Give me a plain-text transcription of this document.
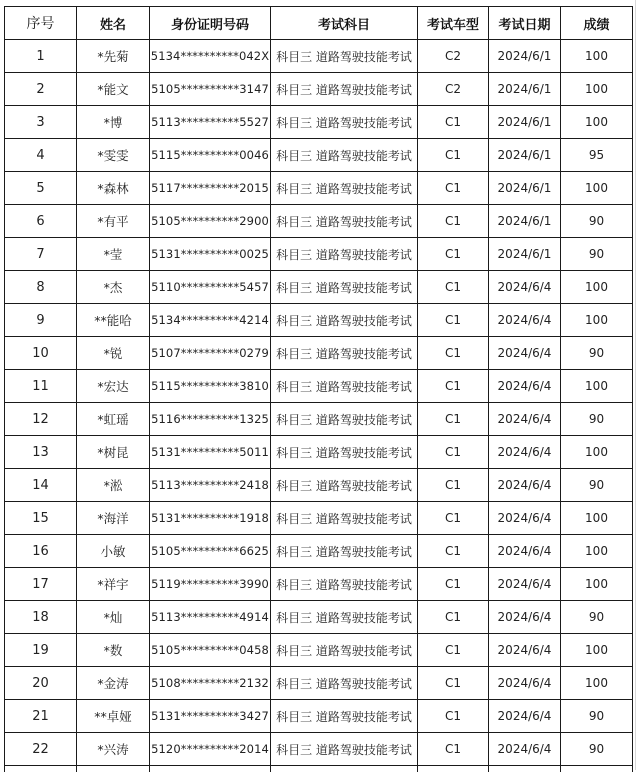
序号	姓名	身份证明号码	考试科目	考试车型	考试日期	成绩
1	*先菊	5134**********042X	科目三 道路驾驶技能考试	C2	2024/6/1	100
2	*能文	5105**********3147	科目三 道路驾驶技能考试	C2	2024/6/1	100
3	*博	5113**********5527	科目三 道路驾驶技能考试	C1	2024/6/1	100
4	*雯雯	5115**********0046	科目三 道路驾驶技能考试	C1	2024/6/1	95
5	*森林	5117**********2015	科目三 道路驾驶技能考试	C1	2024/6/1	100
6	*有平	5105**********2900	科目三 道路驾驶技能考试	C1	2024/6/1	90
7	*莹	5131**********0025	科目三 道路驾驶技能考试	C1	2024/6/1	90
8	*杰	5110**********5457	科目三 道路驾驶技能考试	C1	2024/6/4	100
9	**能哈	5134**********4214	科目三 道路驾驶技能考试	C1	2024/6/4	100
10	*锐	5107**********0279	科目三 道路驾驶技能考试	C1	2024/6/4	90
11	*宏达	5115**********3810	科目三 道路驾驶技能考试	C1	2024/6/4	100
12	*虹瑶	5116**********1325	科目三 道路驾驶技能考试	C1	2024/6/4	90
13	*树昆	5131**********5011	科目三 道路驾驶技能考试	C1	2024/6/4	100
14	*淞	5113**********2418	科目三 道路驾驶技能考试	C1	2024/6/4	90
15	*海洋	5131**********1918	科目三 道路驾驶技能考试	C1	2024/6/4	100
16	小敏	5105**********6625	科目三 道路驾驶技能考试	C1	2024/6/4	100
17	*祥宇	5119**********3990	科目三 道路驾驶技能考试	C1	2024/6/4	100
18	*灿	5113**********4914	科目三 道路驾驶技能考试	C1	2024/6/4	90
19	*数	5105**********0458	科目三 道路驾驶技能考试	C1	2024/6/4	100
20	*金涛	5108**********2132	科目三 道路驾驶技能考试	C1	2024/6/4	100
21	**卓娅	5131**********3427	科目三 道路驾驶技能考试	C1	2024/6/4	90
22	*兴涛	5120**********2014	科目三 道路驾驶技能考试	C1	2024/6/4	90
